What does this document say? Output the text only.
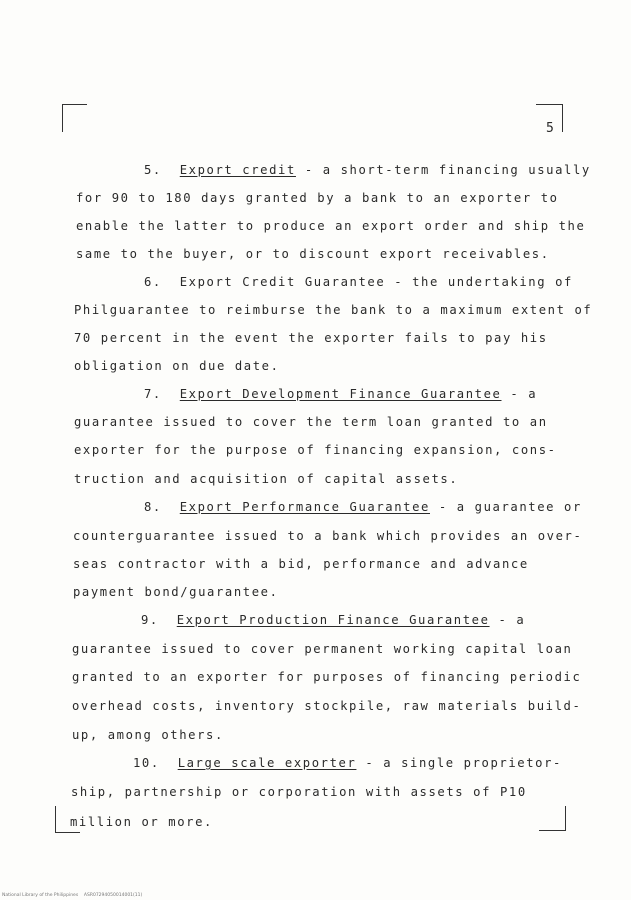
5
5. Export credit - a short-term financing usually
for 90 to 180 days granted by a bank to an exporter to
enable the latter to produce an export order and ship the
same to the buyer, or to discount export receivables.
6. Export Credit Guarantee - the undertaking of
Philguarantee to reimburse the bank to a maximum extent of
70 percent in the event the exporter fails to pay his
obligation on due date.
7. Export Development Finance Guarantee - a
guarantee issued to cover the term loan granted to an
exporter for the purpose of financing expansion, cons-
truction and acquisition of capital assets.
8. Export Performance Guarantee - a guarantee or
counterguarantee issued to a bank which provides an over-
seas contractor with a bid, performance and advance
payment bond/guarantee.
9. Export Production Finance Guarantee - a
guarantee issued to cover permanent working capital loan
granted to an exporter for purposes of financing periodic
overhead costs, inventory stockpile, raw materials build-
up, among others.
10. Large scale exporter - a single proprietor-
ship, partnership or corporation with assets of P10
million or more.
National Library of the Philippines    ASR07294050014001(11)
